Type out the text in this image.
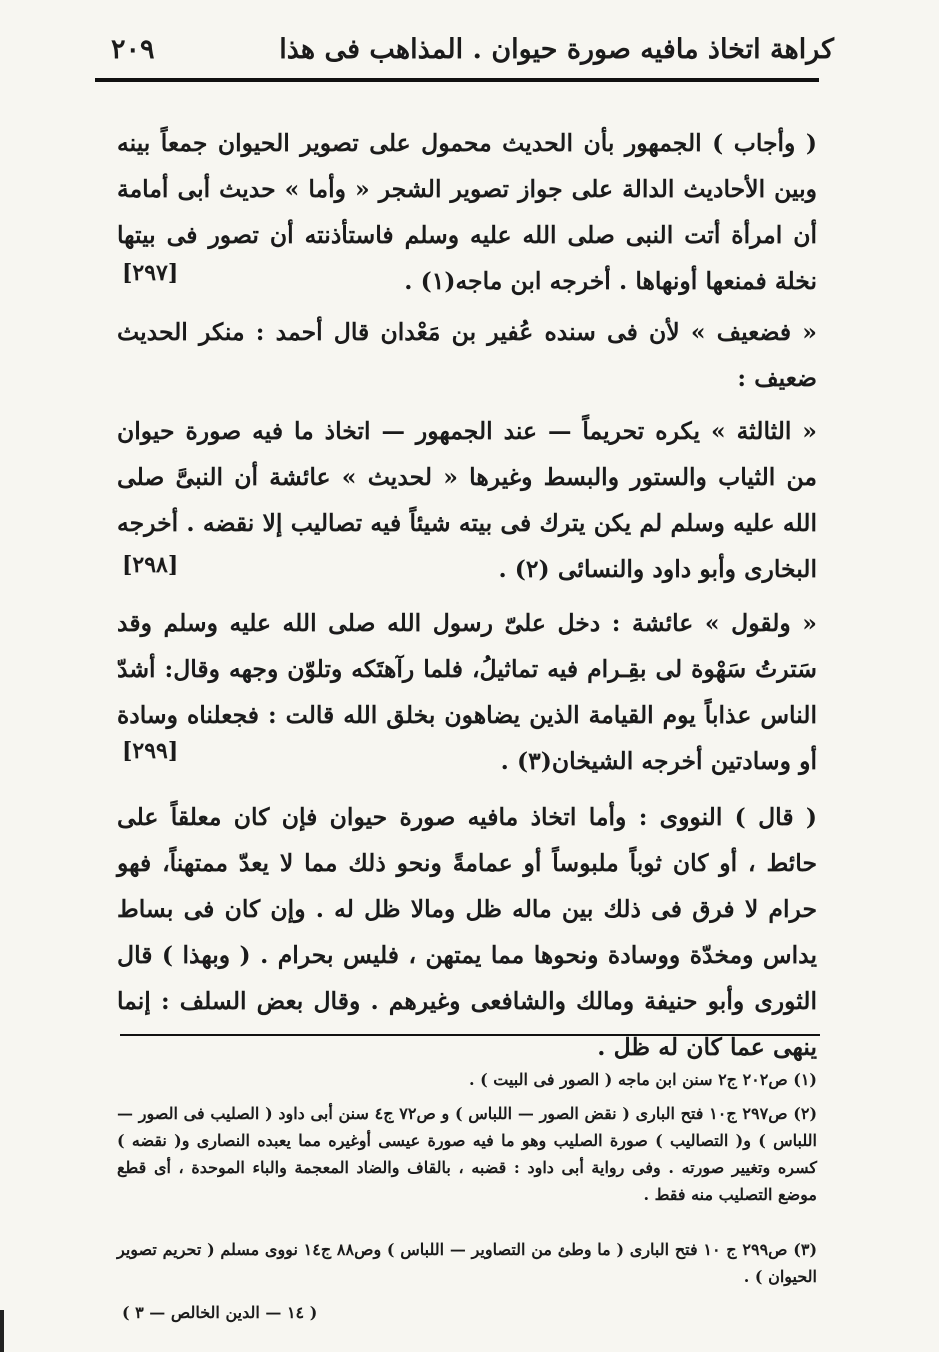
كراهة اتخاذ مافيه صورة حيوان . المذاهب فى هذا
٢٠٩

( وأجاب ) الجمهور بأن الحديث محمول على تصوير الحيوان جمعاً بينه وبين الأحاديث الدالة على جواز تصوير الشجر « وأما » حديث أبى أمامة أن امرأة أتت النبى صلى الله عليه وسلم فاستأذنته أن تصور فى بيتها نخلة فمنعها أونهاها . أخرجه ابن ماجه(١) .

[٢٩٧]

« فضعيف » لأن فى سنده عُفير بن مَعْدان قال أحمد : منكر الحديث ضعيف :

« الثالثة » يكره تحريماً — عند الجمهور — اتخاذ ما فيه صورة حيوان من الثياب والستور والبسط وغيرها « لحديث » عائشة أن النبىَّ صلى الله عليه وسلم لم يكن يترك فى بيته شيئاً فيه تصاليب إلا نقضه . أخرجه البخارى وأبو داود والنسائى (٢) .

[٢٩٨]

« ولقول » عائشة : دخل علىّ رسول الله صلى الله عليه وسلم وقد سَترتُ سَهْوة لى بقِـرام فيه تماثيلُ، فلما رآهتَكه وتلوّن وجهه وقال: أشدّ الناس عذاباً يوم القيامة الذين يضاهون بخلق الله قالت : فجعلناه وسادة أو وسادتين أخرجه الشيخان(٣) .

[٢٩٩]

( قال ) النووى : وأما اتخاذ مافيه صورة حيوان فإن كان معلقاً على حائط ، أو كان ثوباً ملبوساً أو عمامةً ونحو ذلك مما لا يعدّ ممتهناً، فهو حرام لا فرق فى ذلك بين ماله ظل ومالا ظل له . وإن كان فى بساط يداس ومخدّة ووسادة ونحوها مما يمتهن ، فليس بحرام . ( وبهذا ) قال الثورى وأبو حنيفة ومالك والشافعى وغيرهم . وقال بعض السلف : إنما ينهى عما كان له ظل .

(١) ص٢٠٢ ج٢ سنن ابن ماجه ( الصور فى البيت ) .

(٢) ص٢٩٧ ج١٠ فتح البارى ( نقض الصور — اللباس ) و ص٧٢ ج٤ سنن أبى داود ( الصليب فى الصور — اللباس ) و( التصاليب ) صورة الصليب وهو ما فيه صورة عيسى أوغيره مما يعبده النصارى و( نقضه ) كسره وتغيير صورته . وفى رواية أبى داود : قضبه ، بالقاف والضاد المعجمة والباء الموحدة ، أى قطع موضع التصليب منه فقط .

(٣) ص٢٩٩ ج ١٠ فتح البارى ( ما وطئ من التصاوير — اللباس ) وص٨٨ ج١٤ نووى مسلم ( تحريم تصوير الحيوان ) .

( ١٤ — الدين الخالص — ٣ )
